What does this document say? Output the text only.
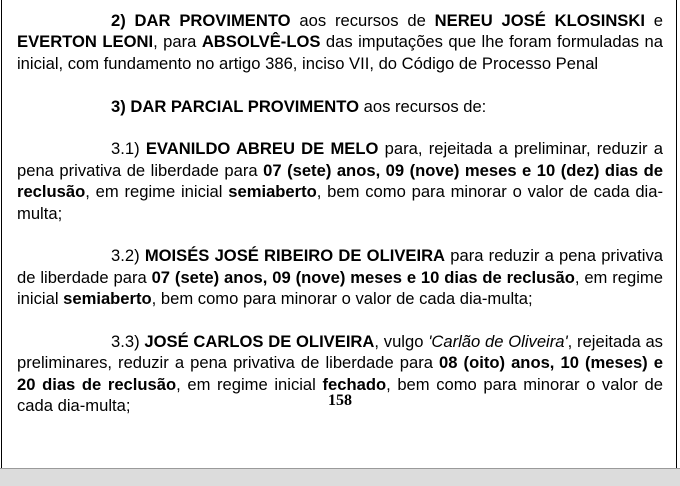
2) DAR PROVIMENTO aos recursos de NEREU JOSÉ KLOSINSKI e EVERTON LEONI, para ABSOLVÊ-LOS das imputações que lhe foram formuladas na inicial, com fundamento no artigo 386, inciso VII, do Código de Processo Penal

3) DAR PARCIAL PROVIMENTO aos recursos de:

3.1) EVANILDO ABREU DE MELO para, rejeitada a preliminar, reduzir a pena privativa de liberdade para 07 (sete) anos, 09 (nove) meses e 10 (dez) dias de reclusão, em regime inicial semiaberto, bem como para minorar o valor de cada dia-multa;

3.2) MOISÉS JOSÉ RIBEIRO DE OLIVEIRA para reduzir a pena privativa de liberdade para 07 (sete) anos, 09 (nove) meses e 10 dias de reclusão, em regime inicial semiaberto, bem como para minorar o valor de cada dia-multa;

3.3) JOSÉ CARLOS DE OLIVEIRA, vulgo 'Carlão de Oliveira', rejeitada as preliminares, reduzir a pena privativa de liberdade para 08 (oito) anos, 10 (meses) e 20 dias de reclusão, em regime inicial fechado, bem como para minorar o valor de cada dia-multa;	158
